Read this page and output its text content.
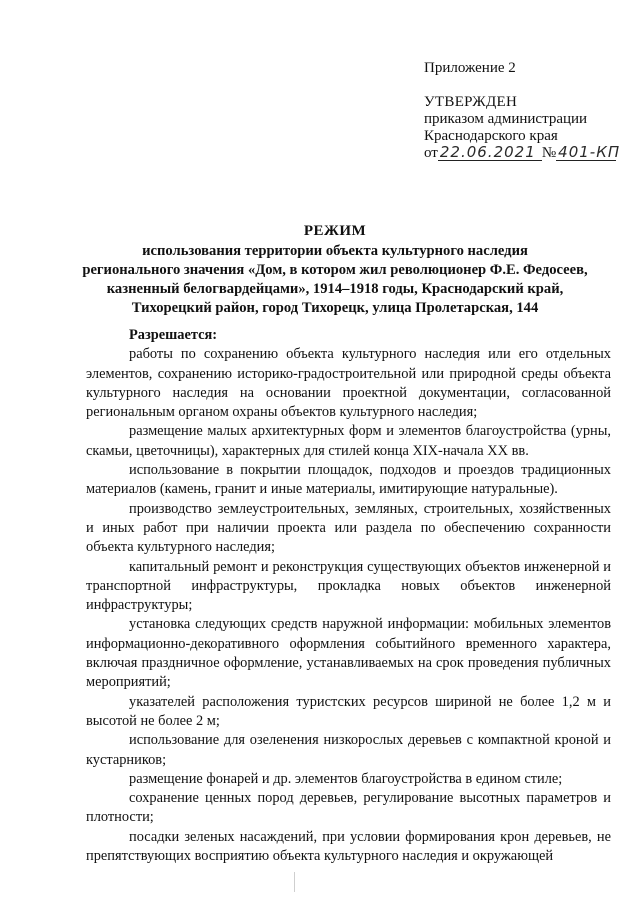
Приложение 2
УТВЕРЖДЕН
приказом администрации
Краснодарского края
от 22.06.2021 № 401-КП
РЕЖИМ
использования территории объекта культурного наследия
регионального значения «Дом, в котором жил революционер Ф.Е. Федосеев,
казненный белогвардейцами», 1914–1918 годы, Краснодарский край,
Тихорецкий район, город Тихорецк, улица Пролетарская, 144
Разрешается:

работы по сохранению объекта культурного наследия или его отдельных элементов, сохранению историко-градостроительной или природной среды объекта культурного наследия на основании проектной документации, согласованной региональным органом охраны объектов культурного наследия;

размещение малых архитектурных форм и элементов благоустройства (урны, скамьи, цветочницы), характерных для стилей конца XIX-начала XX вв.

использование в покрытии площадок, подходов и проездов традиционных материалов (камень, гранит и иные материалы, имитирующие натуральные).

производство землеустроительных, земляных, строительных, хозяйственных и иных работ при наличии проекта или раздела по обеспечению сохранности объекта культурного наследия;

капитальный ремонт и реконструкция существующих объектов инженерной и транспортной инфраструктуры, прокладка новых объектов инженерной инфраструктуры;

установка следующих средств наружной информации: мобильных элементов информационно-декоративного оформления событийного временного характера, включая праздничное оформление, устанавливаемых на срок проведения публичных мероприятий;

указателей расположения туристских ресурсов шириной не более 1,2 м и высотой не более 2 м;

использование для озеленения низкорослых деревьев с компактной кроной и кустарников;

размещение фонарей и др. элементов благоустройства в едином стиле;

сохранение ценных пород деревьев, регулирование высотных параметров и плотности;

посадки зеленых насаждений, при условии формирования крон деревьев, не препятствующих восприятию объекта культурного наследия и окружающей
